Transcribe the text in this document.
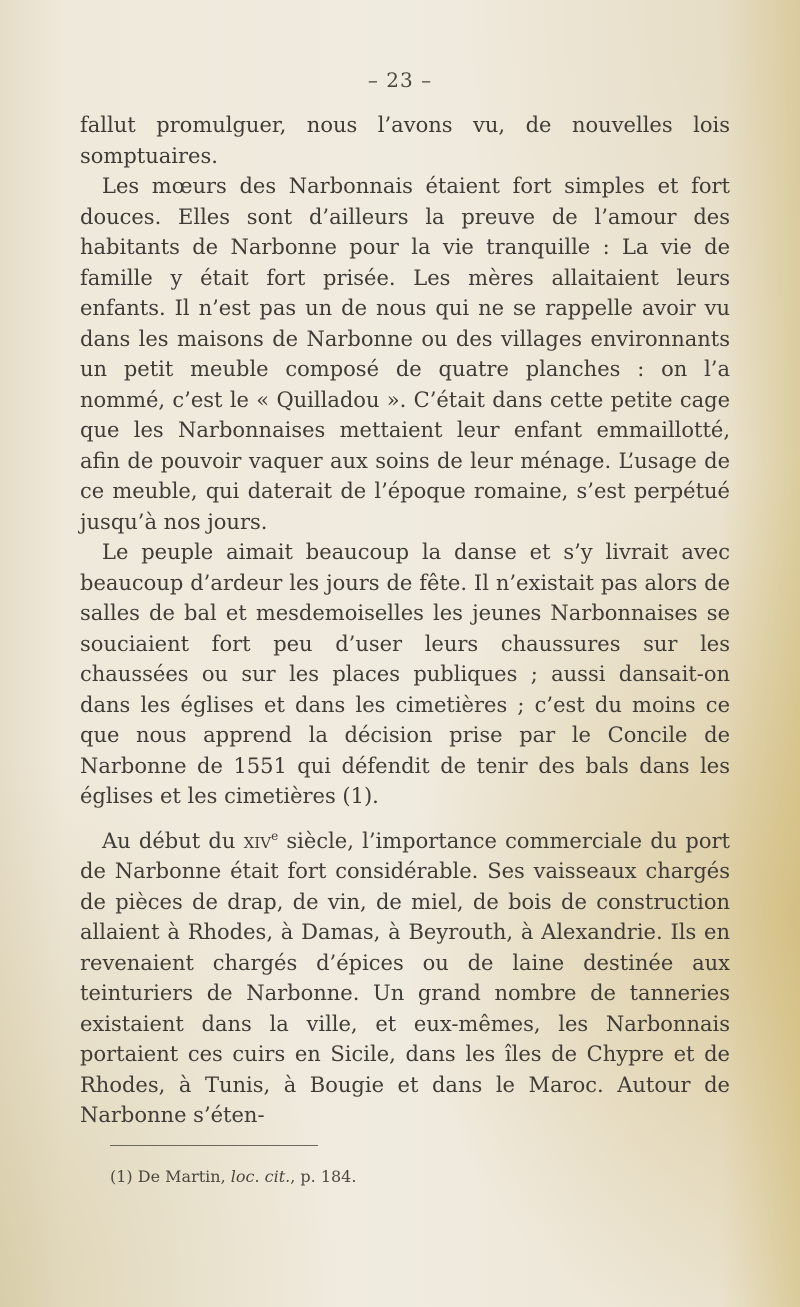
– 23 –

fallut promulguer, nous l’avons vu, de nouvelles lois somptuaires.

Les mœurs des Narbonnais étaient fort simples et fort douces. Elles sont d’ailleurs la preuve de l’amour des habitants de Narbonne pour la vie tranquille : La vie de famille y était fort prisée. Les mères allaitaient leurs enfants. Il n’est pas un de nous qui ne se rappelle avoir vu dans les maisons de Narbonne ou des villages environnants un petit meuble composé de quatre planches : on l’a nommé, c’est le « Quilladou ». C’était dans cette petite cage que les Narbonnaises mettaient leur enfant emmaillotté, afin de pouvoir vaquer aux soins de leur ménage. L’usage de ce meuble, qui daterait de l’époque romaine, s’est perpétué jusqu’à nos jours.

Le peuple aimait beaucoup la danse et s’y livrait avec beaucoup d’ardeur les jours de fête. Il n’existait pas alors de salles de bal et mesdemoiselles les jeunes Narbonnaises se souciaient fort peu d’user leurs chaussures sur les chaussées ou sur les places publiques ; aussi dansait-on dans les églises et dans les cimetières ; c’est du moins ce que nous apprend la décision prise par le Concile de Narbonne de 1551 qui défendit de tenir des bals dans les églises et les cimetières (1).

Au début du xiv$^e$ siècle, l’importance commerciale du port de Narbonne était fort considérable. Ses vaisseaux chargés de pièces de drap, de vin, de miel, de bois de construction allaient à Rhodes, à Damas, à Beyrouth, à Alexandrie. Ils en revenaient chargés d’épices ou de laine destinée aux teinturiers de Narbonne. Un grand nombre de tanneries existaient dans la ville, et eux-mêmes, les Narbonnais portaient ces cuirs en Sicile, dans les îles de Chypre et de Rhodes, à Tunis, à Bougie et dans le Maroc. Autour de Narbonne s’éten-

(1) De Martin, loc. cit., p. 184.
